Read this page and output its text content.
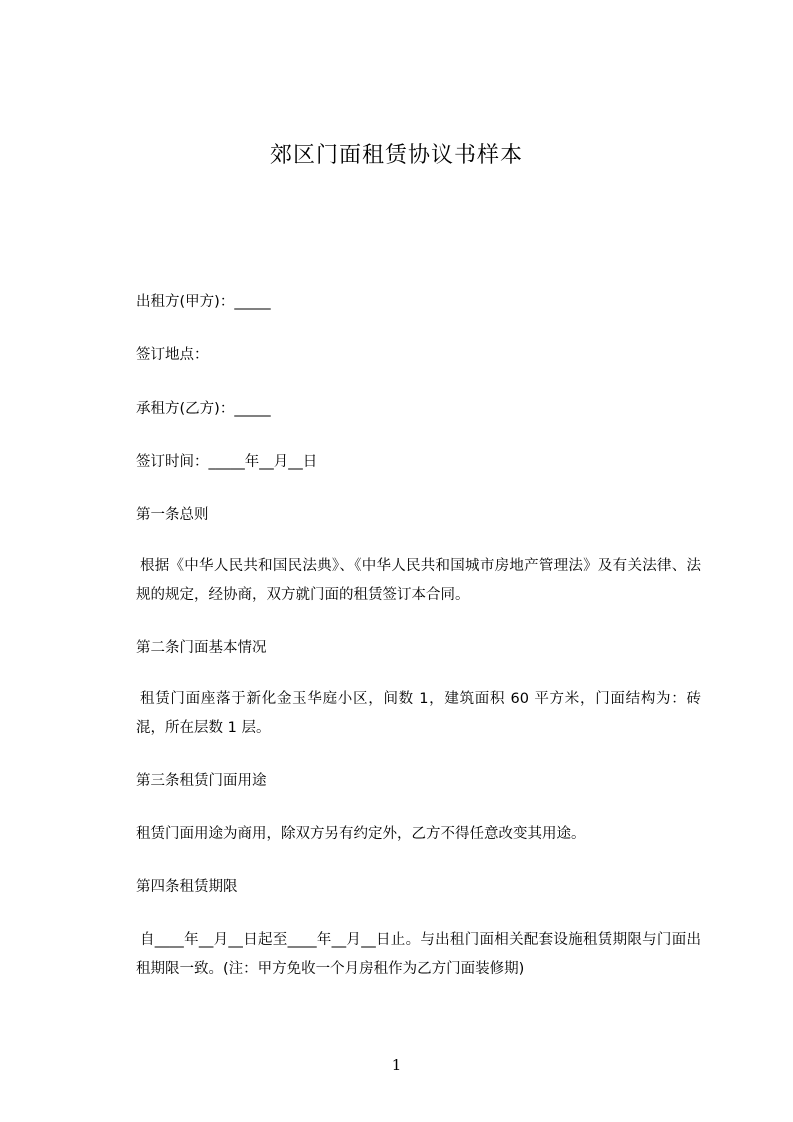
郊区门面租赁协议书样本
出租方(甲方)：_____
签订地点：
承租方(乙方)：_____
签订时间：_____年__月__日
第一条总则
根据《中华人民共和国民法典》、《中华人民共和国城市房地产管理法》及有关法律、法规的规定，经协商，双方就门面的租赁签订本合同。
第二条门面基本情况
租赁门面座落于新化金玉华庭小区，间数 1，建筑面积 60 平方米，门面结构为：砖混，所在层数 1 层。
第三条租赁门面用途
租赁门面用途为商用，除双方另有约定外，乙方不得任意改变其用途。
第四条租赁期限
自____年__月__日起至____年__月__日止。与出租门面相关配套设施租赁期限与门面出租期限一致。(注：甲方免收一个月房租作为乙方门面装修期)
1
